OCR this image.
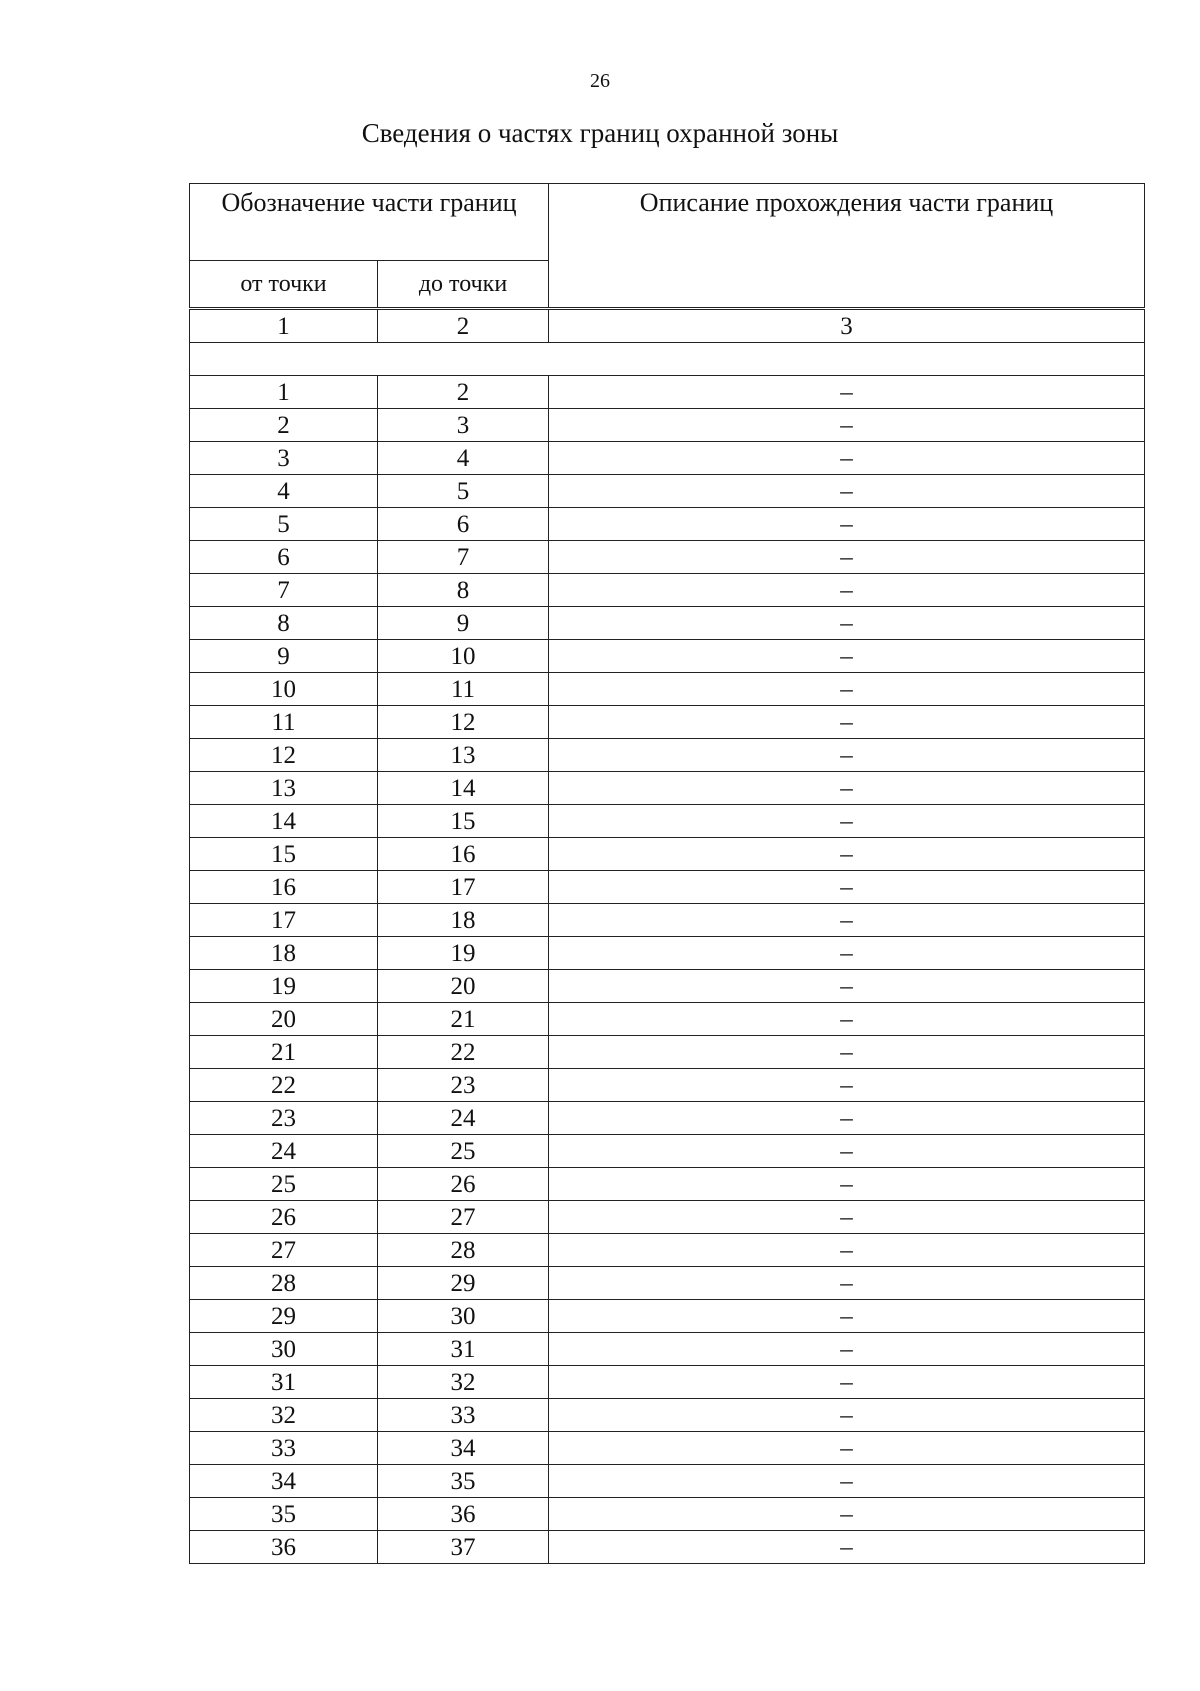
26
Сведения о частях границ охранной зоны
Обозначение части границ		Описание прохождения части границ
от точки	до точки	
1	2	3

1	2	–
2	3	–
3	4	–
4	5	–
5	6	–
6	7	–
7	8	–
8	9	–
9	10	–
10	11	–
11	12	–
12	13	–
13	14	–
14	15	–
15	16	–
16	17	–
17	18	–
18	19	–
19	20	–
20	21	–
21	22	–
22	23	–
23	24	–
24	25	–
25	26	–
26	27	–
27	28	–
28	29	–
29	30	–
30	31	–
31	32	–
32	33	–
33	34	–
34	35	–
35	36	–
36	37	–
